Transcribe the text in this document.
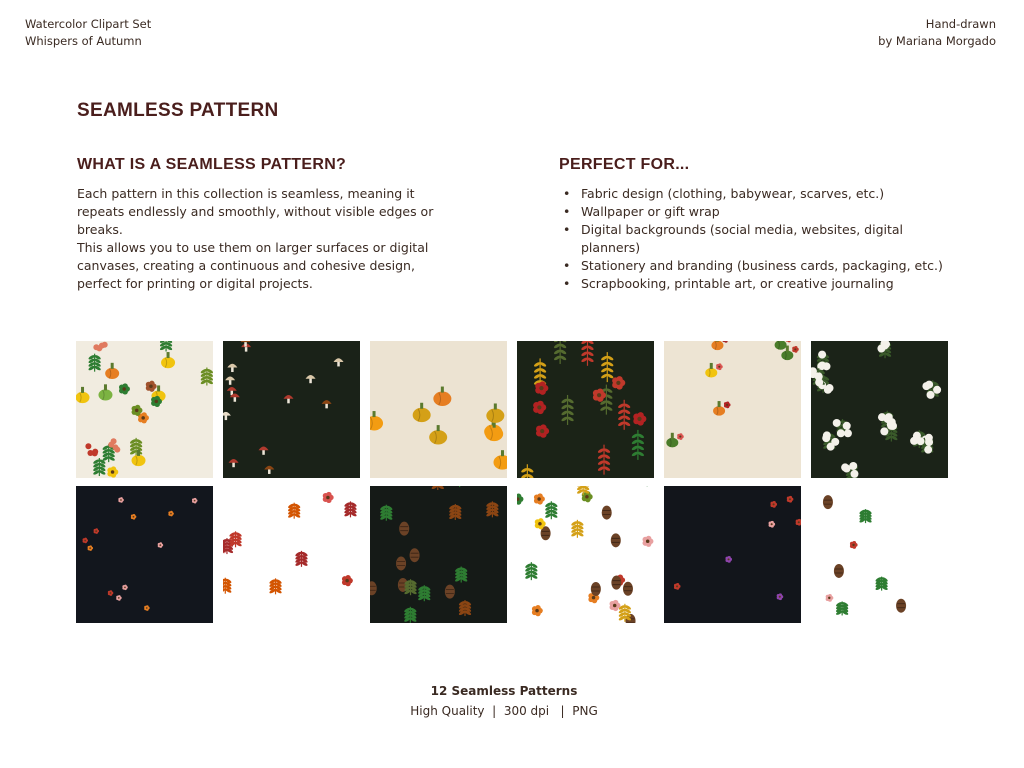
Watercolor Clipart Set
Whispers of Autumn
Hand-drawn
by Mariana Morgado
SEAMLESS PATTERN
WHAT IS A SEAMLESS PATTERN?

Each pattern in this collection is seamless, meaning it repeats endlessly and smoothly, without visible edges or breaks.

This allows you to use them on larger surfaces or digital canvases, creating a continuous and cohesive design, perfect for printing or digital projects.

PERFECT FOR...
• Fabric design (clothing, babywear, scarves, etc.)
• Wallpaper or gift wrap
• Digital backgrounds (social media, websites, digital planners)
• Stationery and branding (business cards, packaging, etc.)
• Scrapbooking, printable art, or creative journaling
12 Seamless Patterns
High Quality  |  300 dpi   |  PNG
